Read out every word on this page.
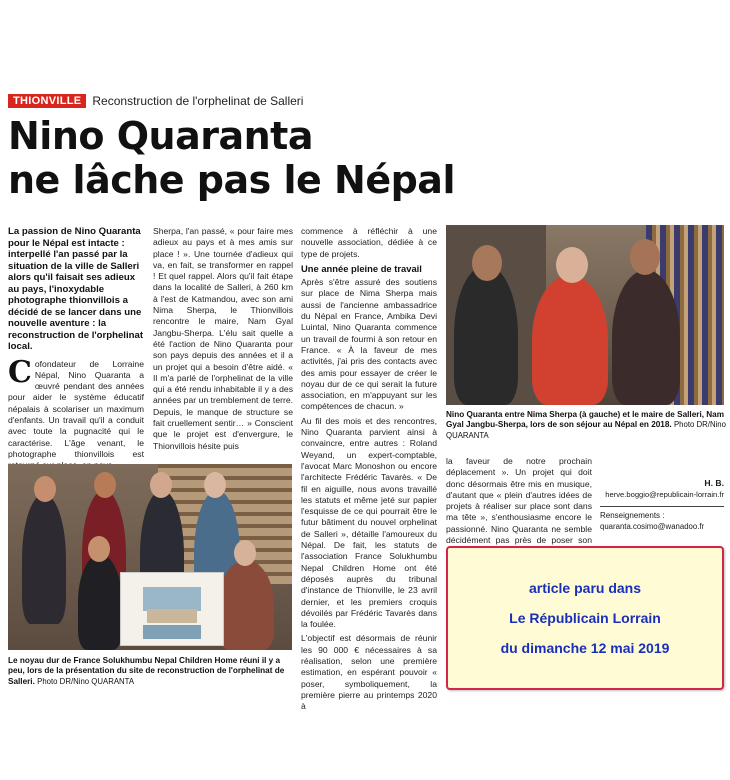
THIONVILLE Reconstruction de l'orphelinat de Salleri
Nino Quaranta
ne lâche pas le Népal
La passion de Nino Quaranta pour le Népal est intacte : interpellé l'an passé par la situation de la ville de Salleri alors qu'il faisait ses adieux au pays, l'inoxydable photographe thionvillois a décidé de se lancer dans une nouvelle aventure : la reconstruction de l'orphelinat local.

C ofondateur de Lorraine Népal, Nino Quaranta a œuvré pendant des années pour aider le système éducatif népalais à scolariser un maximum d'enfants. Un travail qu'il a conduit avec toute la pugnacité qui le caractérise. L'âge venant, le photographe thionvillois est

Sherpa, l'an passé, « pour faire mes adieux au pays et à mes amis sur place ! ». Une tournée d'adieux qui va, en fait, se transformer en rappel ! Et quel rappel. Alors qu'il fait étape dans la localité de Salleri, à 260 km à l'est de Katmandou, avec son ami Nima Sherpa, le Thionvillois rencontre le maire, Nam Gyal Jangbu-Sherpa. L'élu sait quelle a été l'action de Nino Quaranta pour son pays depuis des années et il a un projet qui a besoin d'être aidé. « Il m'a parlé de l'orphelinat de la ville qui a été rendu inhabitable il y a des années par un tremblement de terre. Depuis, le manque de structure se fait cruellement sentir… » Conscient que le projet est d'envergure, le Thionvillois hésite puis

commence à réfléchir à une nouvelle association, dédiée à ce type de projets.

Une année pleine de travail

Après s'être assuré des soutiens sur place de Nima Sherpa mais aussi de l'ancienne ambassadrice du Népal en France, Ambika Devi Luintal, Nino Quaranta commence un travail de fourmi à son retour en France. « À la faveur de mes activités, j'ai pris des contacts avec des amis pour essayer de créer le noyau dur de ce qui serait la future association, en m'appuyant sur les compétences de chacun. »

Au fil des mois et des rencontres, Nino Quaranta parvient ainsi à convaincre, entre autres : Roland Weyand, un expert-comptable, l'avocat Marc Monoshon ou encore l'architecte Frédéric Tavarès. « De fil en aiguille, nous avons travaillé les statuts et même jeté sur papier l'esquisse de ce qui pourrait être le futur bâtiment du nouvel orphelinat de Salleri », détaille l'amoureux du Népal. De fait, les statuts de l'association France Solukhumbu Nepal Children Home ont été déposés auprès du tribunal d'instance de Thionville, le 23 avril dernier, et les premiers croquis dévoilés par Frédéric Tavarès dans la foulée.

L'objectif est désormais de réunir les 90 000 € nécessaires à sa réalisation, selon une première estimation, en espérant pouvoir « poser, symboliquement, la première pierre au printemps 2020 à

Nino Quaranta entre Nima Sherpa (à gauche) et le maire de Salleri, Nam Gyal Jangbu-Sherpa, lors de son séjour au Népal en 2018. Photo DR/Nino QUARANTA

la faveur de notre prochain déplacement ». Un projet qui doit donc désormais être mis en musique, d'autant que « plein d'autres idées de projets à réaliser sur place sont dans ma tête », s'enthousiasme encore le passionné. Nino Quaranta ne semble décidément pas près de poser son

H. B.
herve.boggio@republicain-lorrain.fr
Renseignements :
quaranta.cosimo@wanadoo.fr
Le noyau dur de France Solukhumbu Nepal Children Home réuni il y a peu, lors de la présentation du site de reconstruction de l'orphelinat de Salleri. Photo DR/Nino QUARANTA
article paru dans
Le Républicain Lorrain
du dimanche 12 mai 2019
